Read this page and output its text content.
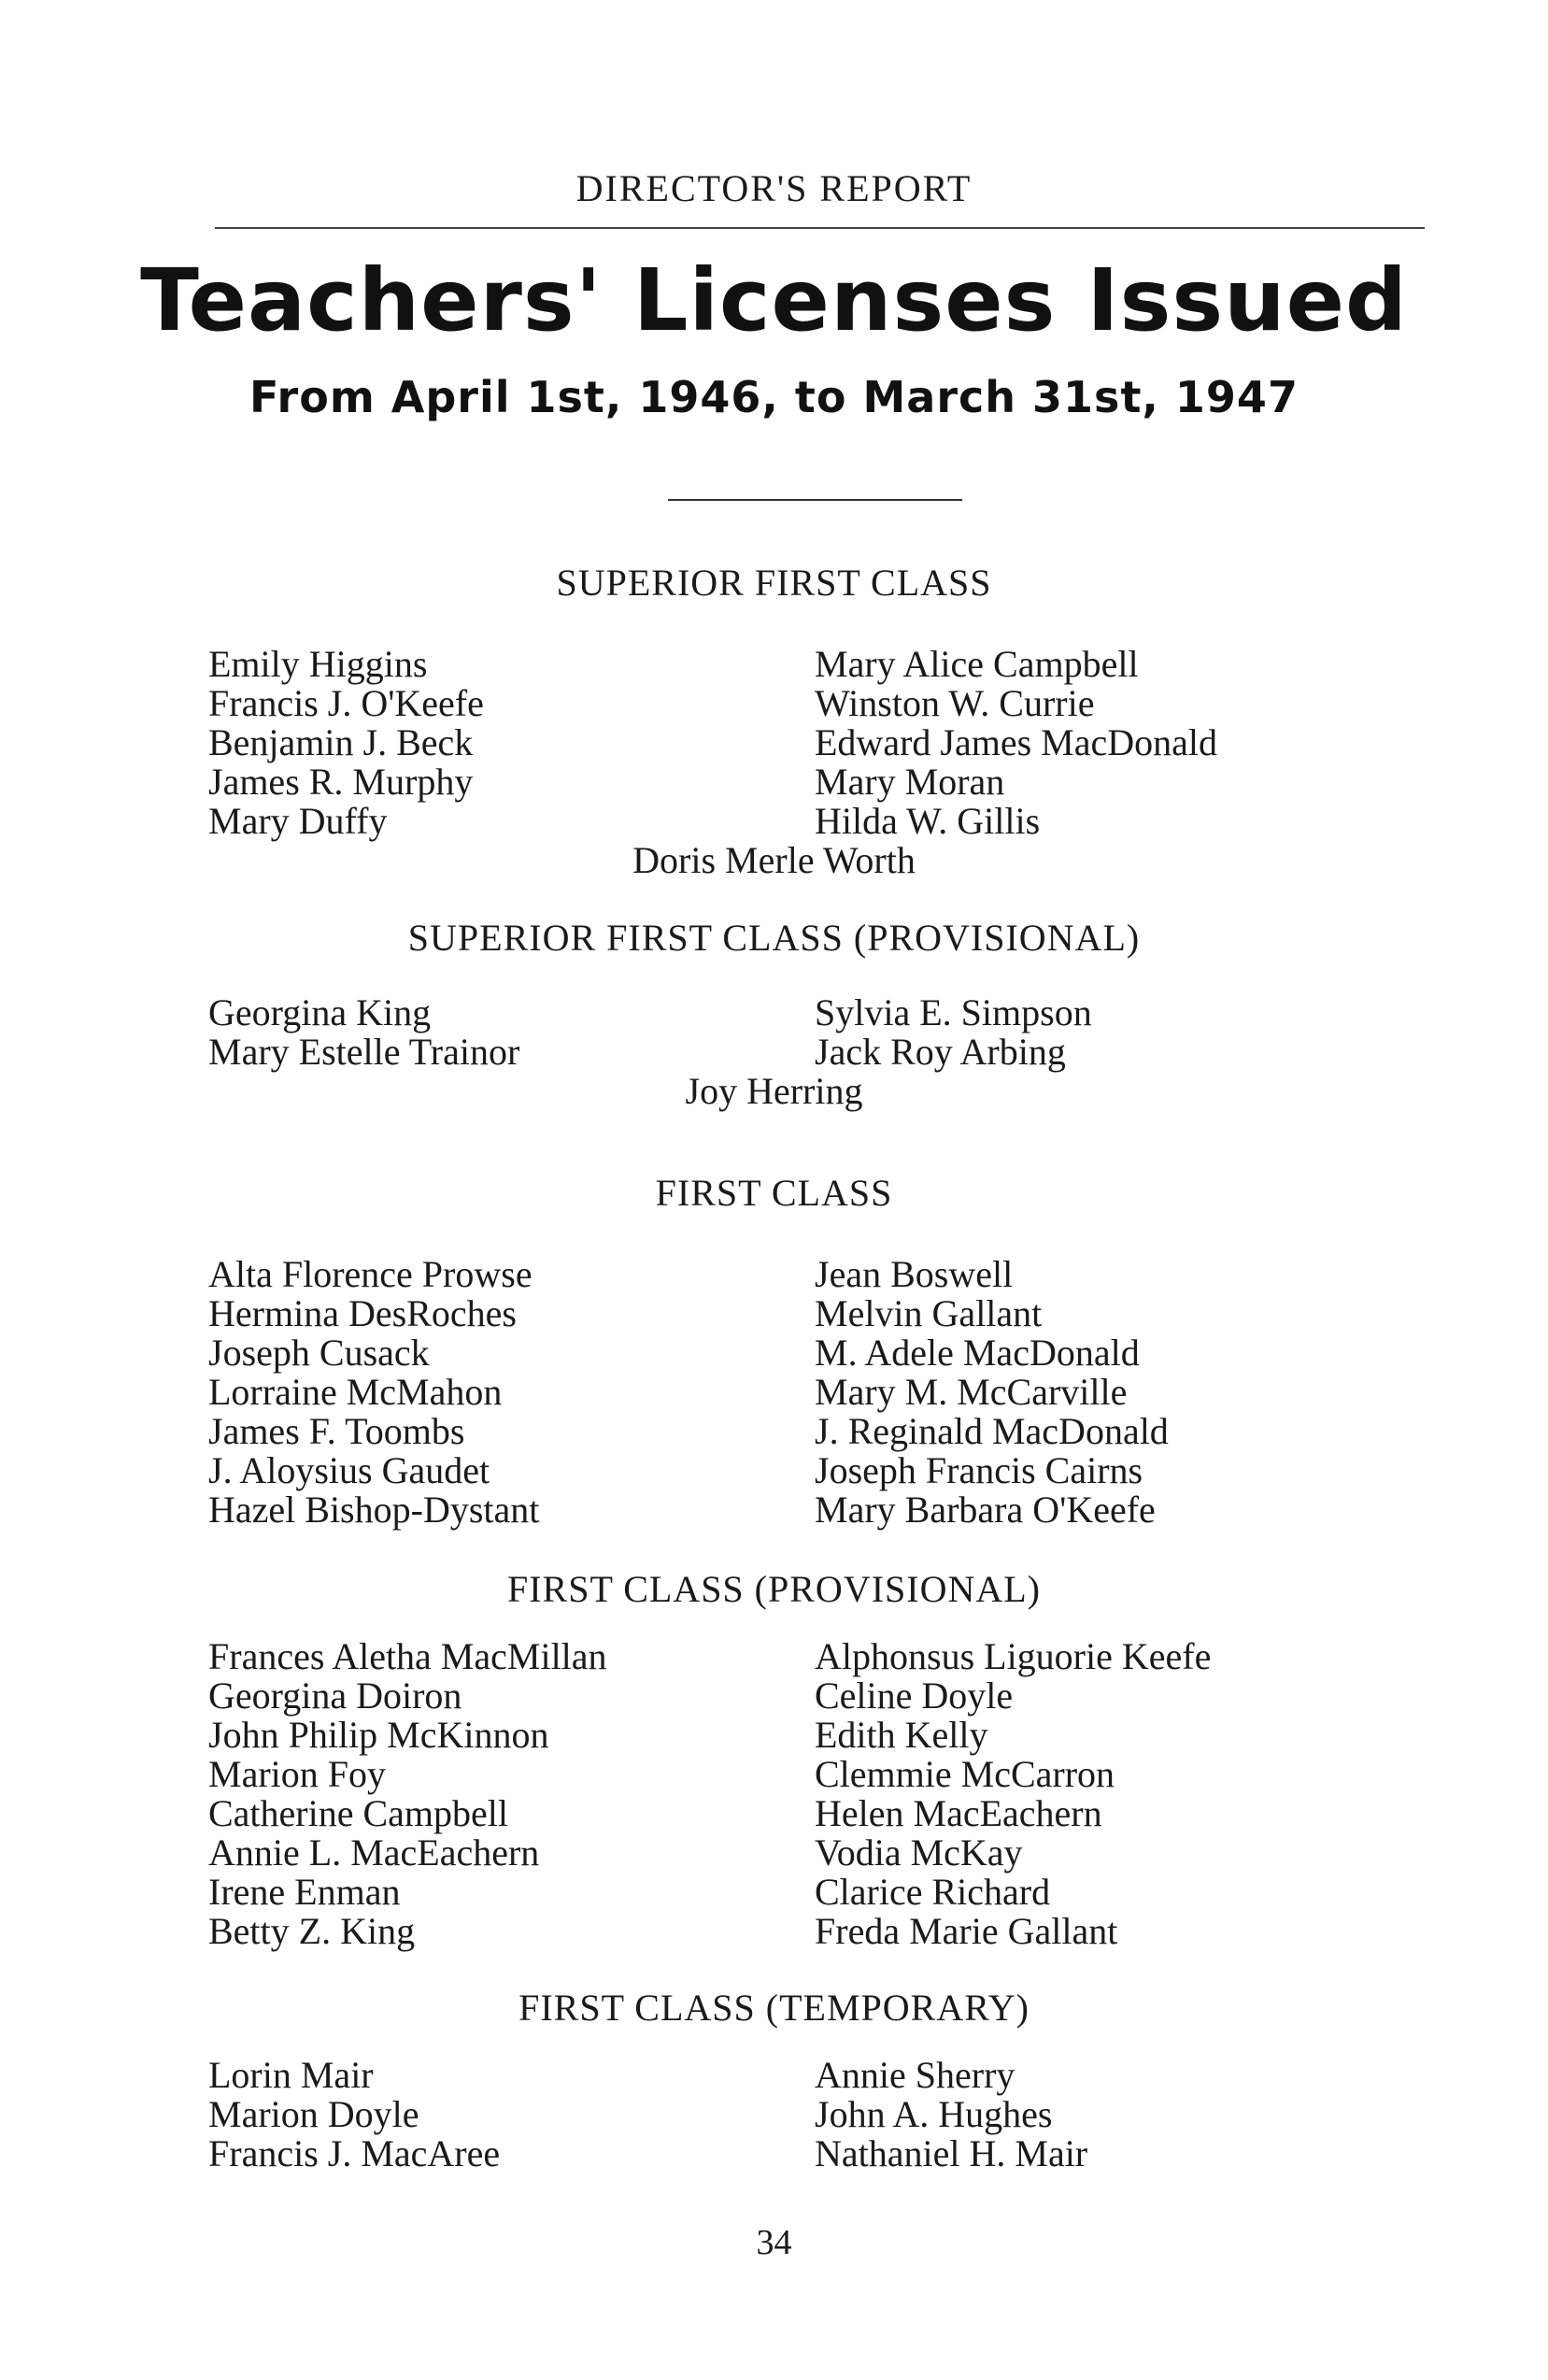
DIRECTOR'S REPORT
Teachers' Licenses Issued
From April 1st, 1946, to March 31st, 1947
SUPERIOR FIRST CLASS
Emily Higgins
Francis J. O'Keefe
Benjamin J. Beck
James R. Murphy
Mary Duffy
Mary Alice Campbell
Winston W. Currie
Edward James MacDonald
Mary Moran
Hilda W. Gillis
Doris Merle Worth
SUPERIOR FIRST CLASS (PROVISIONAL)
Georgina King
Mary Estelle Trainor
Sylvia E. Simpson
Jack Roy Arbing
Joy Herring
FIRST CLASS
Alta Florence Prowse
Hermina DesRoches
Joseph Cusack
Lorraine McMahon
James F. Toombs
J. Aloysius Gaudet
Hazel Bishop-Dystant
Jean Boswell
Melvin Gallant
M. Adele MacDonald
Mary M. McCarville
J. Reginald MacDonald
Joseph Francis Cairns
Mary Barbara O'Keefe
FIRST CLASS (PROVISIONAL)
Frances Aletha MacMillan
Georgina Doiron
John Philip McKinnon
Marion Foy
Catherine Campbell
Annie L. MacEachern
Irene Enman
Betty Z. King
Alphonsus Liguorie Keefe
Celine Doyle
Edith Kelly
Clemmie McCarron
Helen MacEachern
Vodia McKay
Clarice Richard
Freda Marie Gallant
FIRST CLASS (TEMPORARY)
Lorin Mair
Marion Doyle
Francis J. MacAree
Annie Sherry
John A. Hughes
Nathaniel H. Mair
34
